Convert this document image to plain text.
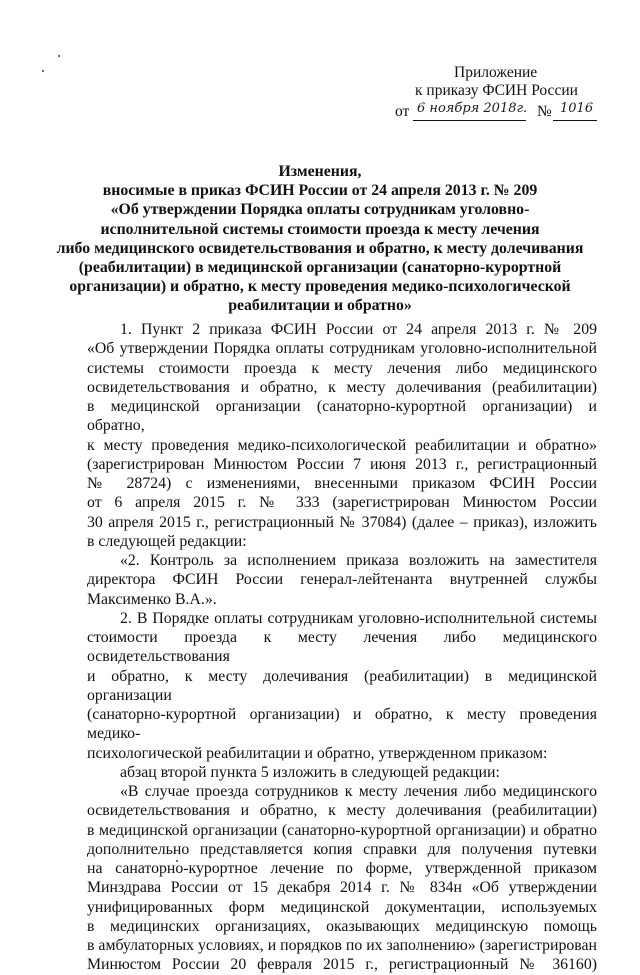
Приложение
к приказу ФСИН России
от 6 ноября 2018г. № 1016
Изменения,
вносимые в приказ ФСИН России от 24 апреля 2013 г. № 209
«Об утверждении Порядка оплаты сотрудникам уголовно-
исполнительной системы стоимости проезда к месту лечения
либо медицинского освидетельствования и обратно, к месту долечивания
(реабилитации) в медицинской организации (санаторно-курортной
организации) и обратно, к месту проведения медико-психологической
реабилитации и обратно»

1. Пункт 2 приказа ФСИН России от 24 апреля 2013 г. № 209

«Об утверждении Порядка оплаты сотрудникам уголовно-исполнительной

системы стоимости проезда к месту лечения либо медицинского

освидетельствования и обратно, к месту долечивания (реабилитации)

в медицинской организации (санаторно-курортной организации) и обратно,

к месту проведения медико-психологической реабилитации и обратно»

(зарегистрирован Минюстом России 7 июня 2013 г., регистрационный

№ 28724) с изменениями, внесенными приказом ФСИН России

от 6 апреля 2015 г. № 333 (зарегистрирован Минюстом России

30 апреля 2015 г., регистрационный № 37084) (далее – приказ), изложить

в следующей редакции:

«2. Контроль за исполнением приказа возложить на заместителя

директора ФСИН России генерал-лейтенанта внутренней службы

Максименко В.А.».

2. В Порядке оплаты сотрудникам уголовно-исполнительной системы

стоимости проезда к месту лечения либо медицинского освидетельствования

и обратно, к месту долечивания (реабилитации) в медицинской организации

(санаторно-курортной организации) и обратно, к месту проведения медико-

психологической реабилитации и обратно, утвержденном приказом:

абзац второй пункта 5 изложить в следующей редакции:

«В случае проезда сотрудников к месту лечения либо медицинского

освидетельствования и обратно, к месту долечивания (реабилитации)

в медицинской организации (санаторно-курортной организации) и обратно

дополнительно представляется копия справки для получения путевки

на санаторно-курортное лечение по форме, утвержденной приказом

Минздрава России от 15 декабря 2014 г. № 834н «Об утверждении

унифицированных форм медицинской документации, используемых

в медицинских организациях, оказывающих медицинскую помощь

в амбулаторных условиях, и порядков по их заполнению» (зарегистрирован

Минюстом России 20 февраля 2015 г., регистрационный № 36160)
